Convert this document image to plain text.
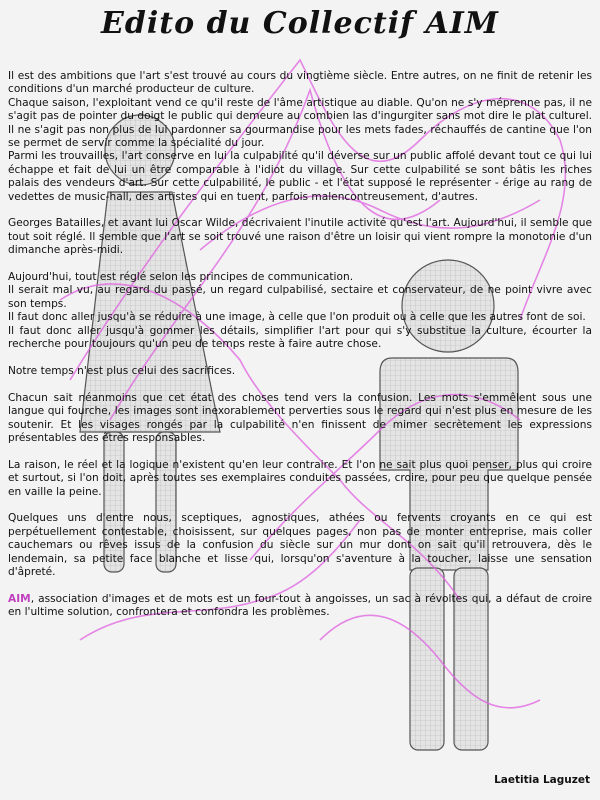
Edito du Collectif AIM

Il est des ambitions que l'art s'est trouvé au cours du vingtième siècle. Entre autres, on ne finit de retenir les conditions d'un marché producteur de culture.

Chaque saison, l'exploitant vend ce qu'il reste de l'âme artistique au diable. Qu'on ne s'y méprenne pas, il ne s'agit pas de pointer du doigt le public qui demeure au combien las d'ingurgiter sans mot dire le plat culturel. Il ne s'agit pas non plus de lui pardonner sa gourmandise pour les mets fades, réchauffés de cantine que l'on se permet de servir comme la spécialité du jour.

Parmi les trouvailles, l'art conserve en lui la culpabilité qu'il déverse sur un public affolé devant tout ce qui lui échappe et fait de lui un être comparable à l'idiot du village. Sur cette culpabilité se sont bâtis les riches palais des vendeurs d'art. Sur cette culpabilité, le public - et l'état supposé le représenter - érige au rang de vedettes de music-hall, des artistes qui en tuent, parfois malencontreusement, d'autres.

Georges Batailles, et avant lui Oscar Wilde, décrivaient l'inutile activité qu'est l'art. Aujourd'hui, il semble que tout soit réglé. Il semble que l'art se soit trouvé une raison d'être un loisir qui vient rompre la monotonie d'un dimanche après-midi.

Aujourd'hui, tout est réglé selon les principes de communication.

Il serait mal vu, au regard du passé, un regard culpabilisé, sectaire et conservateur, de ne point vivre avec son temps.

Il faut donc aller jusqu'à se réduire à une image, à celle que l'on produit ou à celle que les autres font de soi.

Il faut donc aller jusqu'à gommer les détails, simplifier l'art pour qui s'y substitue la culture, écourter la recherche pour toujours qu'un peu de temps reste à faire autre chose.

Notre temps n'est plus celui des sacrifices.

Chacun sait néanmoins que cet état des choses tend vers la confusion. Les mots s'emmêlent sous une langue qui fourche, les images sont inexorablement perverties sous le regard qui n'est plus en mesure de les soutenir. Et les visages rongés par la culpabilité n'en finissent de mimer secrètement les expressions présentables des êtres responsables.

La raison, le réel et la logique n'existent qu'en leur contraire. Et l'on ne sait plus quoi penser, plus qui croire et surtout, si l'on doit, après toutes ses exemplaires conduites passées, croire, pour peu que quelque pensée en vaille la peine.

Quelques uns d'entre nous, sceptiques, agnostiques, athées ou fervents croyants en ce qui est perpétuellement contestable, choisissent, sur quelques pages, non pas de monter entreprise, mais coller cauchemars ou rêves issus de la confusion du siècle sur un mur dont on sait qu'il retrouvera, dès le lendemain, sa petite face blanche et lisse qui, lorsqu'on s'aventure à la toucher, laisse une sensation d'âpreté.

AIM, association d'images et de mots est un four-tout à angoisses, un sac à révoltes qui, a défaut de croire en l'ultime solution, confrontera et confondra les problèmes.

Laetitia Laguzet
